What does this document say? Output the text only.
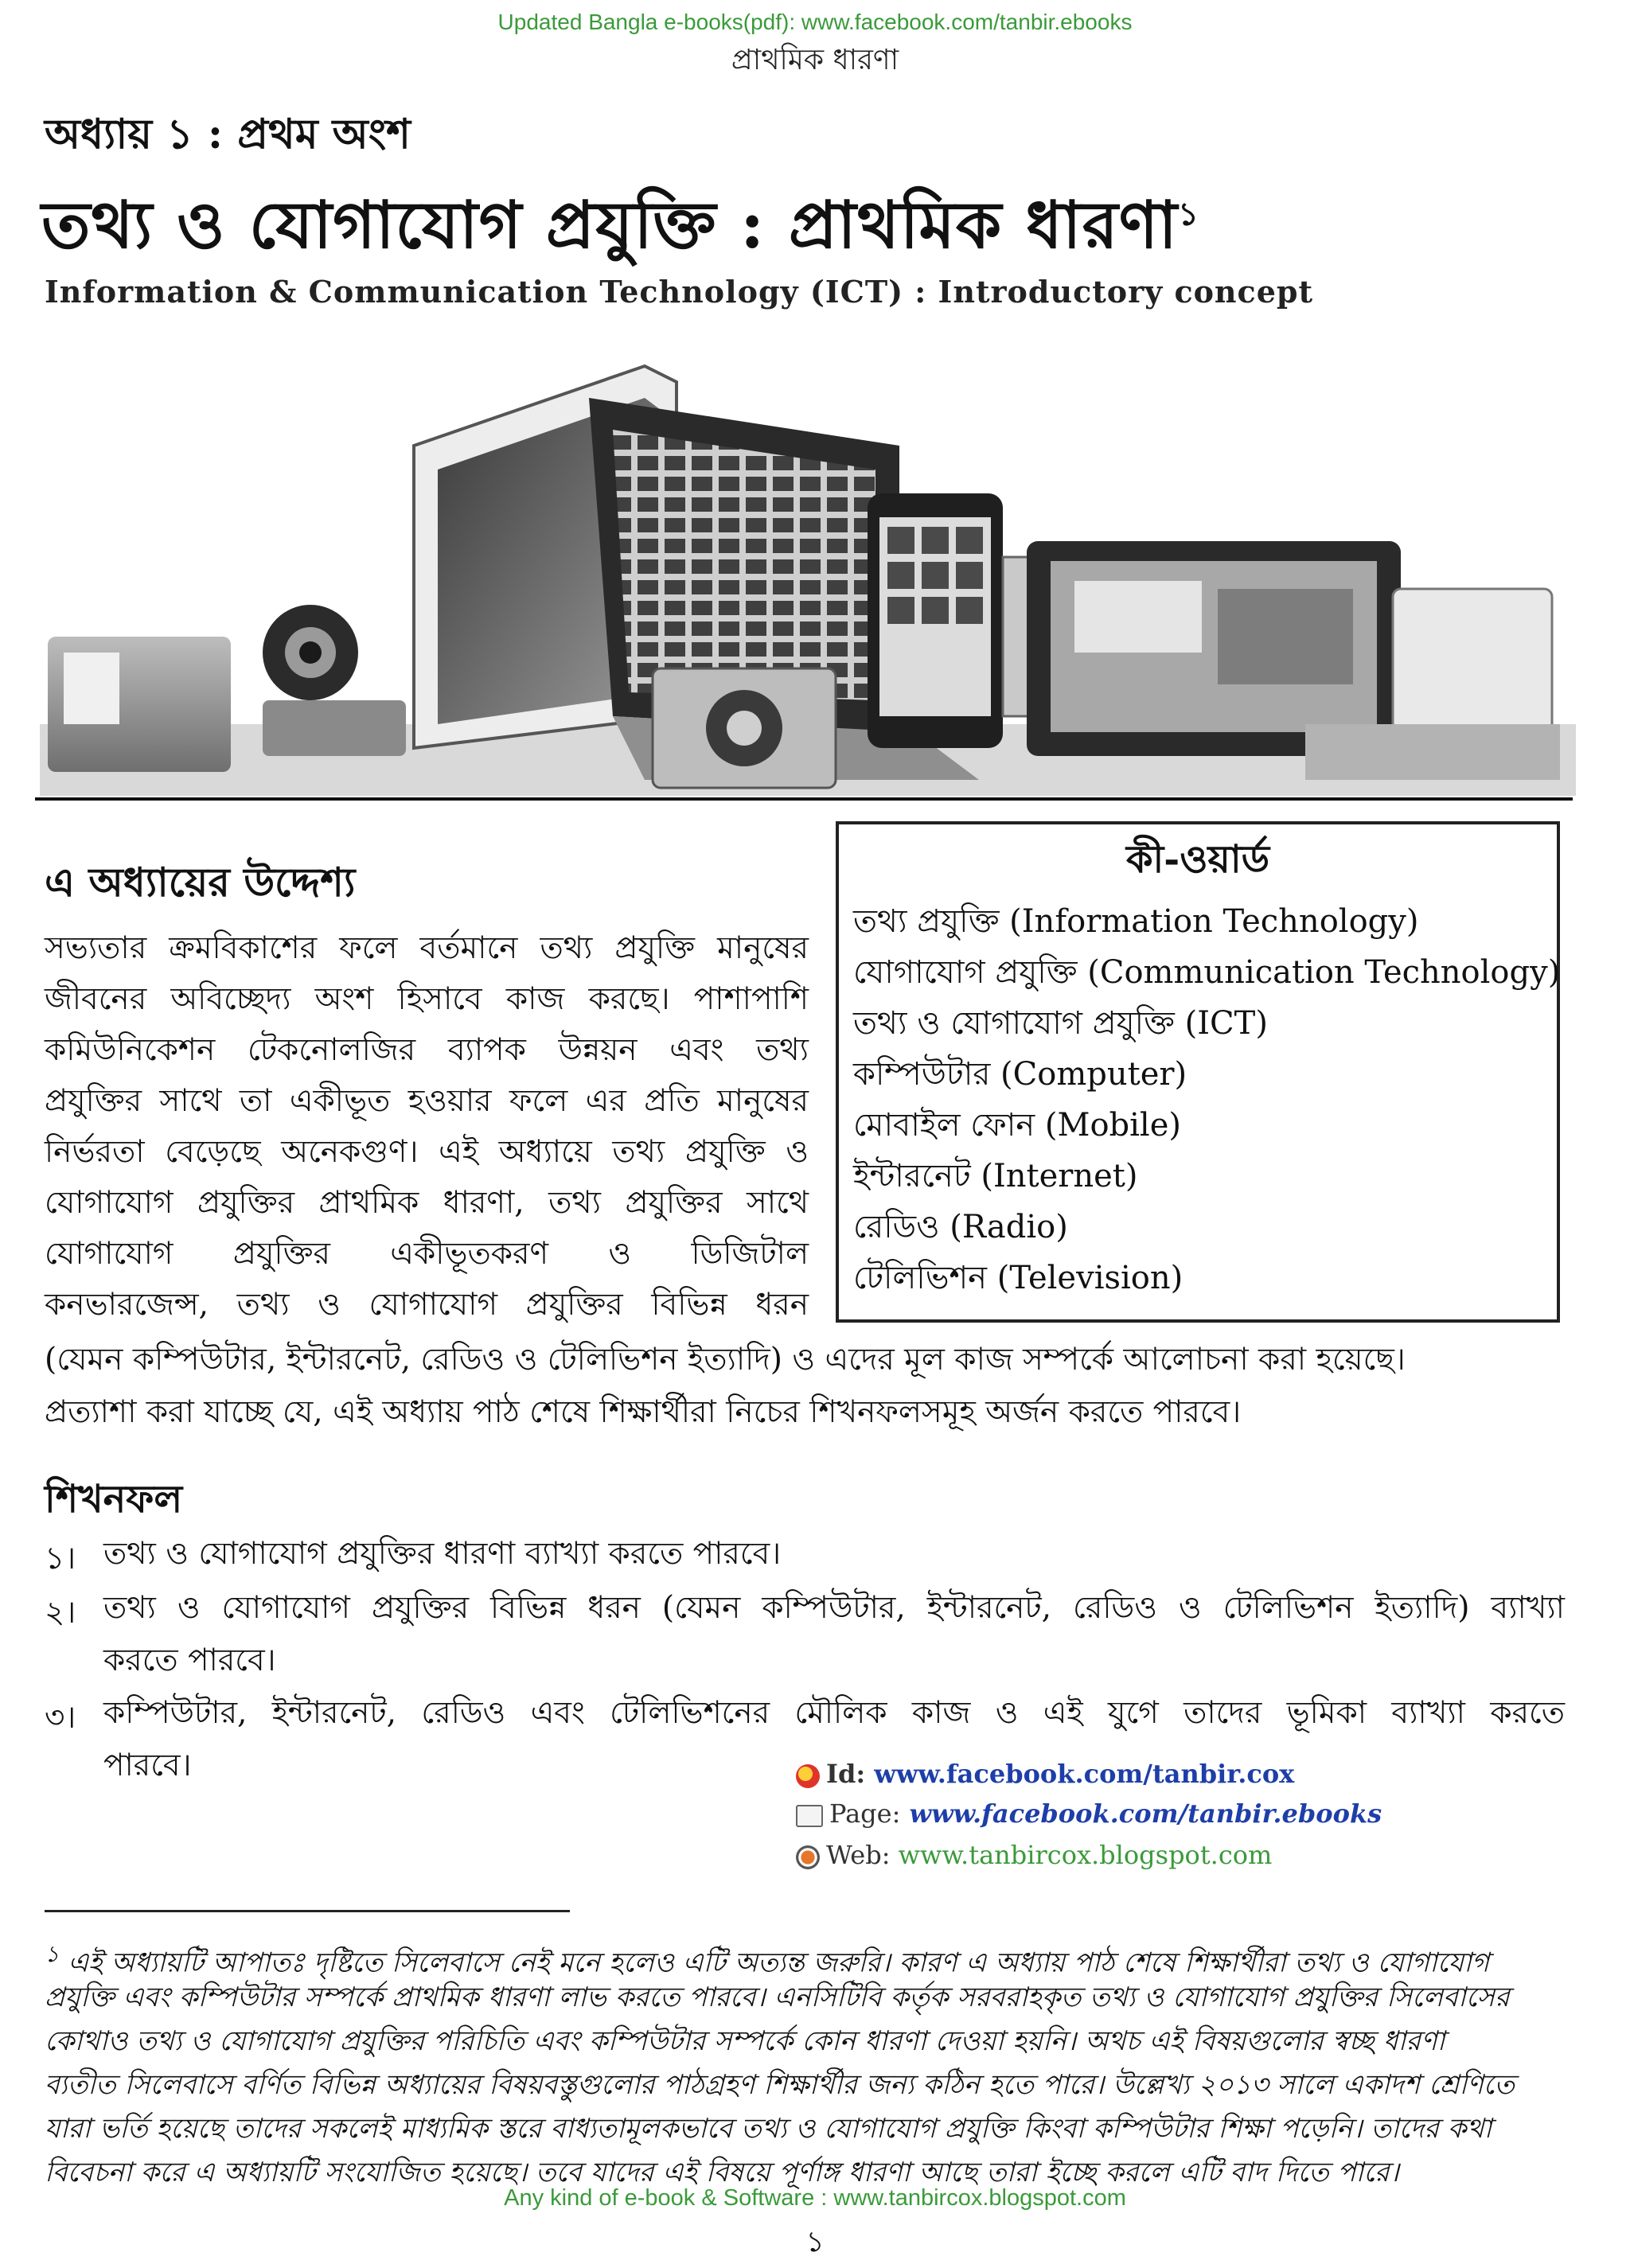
Updated Bangla e-books(pdf): www.facebook.com/tanbir.ebooks
প্রাথমিক ধারণা
অধ্যায় ১ : প্রথম অংশ
তথ্য ও যোগাযোগ প্রযুক্তি : প্রাথমিক ধারণা$^১$
Information & Communication Technology (ICT) : Introductory concept
কী-ওয়ার্ড
তথ্য প্রযুক্তি (Information Technology)
যোগাযোগ প্রযুক্তি (Communication Technology)
তথ্য ও যোগাযোগ প্রযুক্তি (ICT)
কম্পিউটার (Computer)
মোবাইল ফোন (Mobile)
ইন্টারনেট (Internet)
রেডিও (Radio)
টেলিভিশন (Television)
এ অধ্যায়ের উদ্দেশ্য
সভ্যতার ক্রমবিকাশের ফলে বর্তমানে তথ্য প্রযুক্তি মানুষের
জীবনের অবিচ্ছেদ্য অংশ হিসাবে কাজ করছে। পাশাপাশি
কমিউনিকেশন টেকনোলজির ব্যাপক উন্নয়ন এবং তথ্য
প্রযুক্তির সাথে তা একীভূত হওয়ার ফলে এর প্রতি মানুষের
নির্ভরতা বেড়েছে অনেকগুণ। এই অধ্যায়ে তথ্য প্রযুক্তি ও
যোগাযোগ প্রযুক্তির প্রাথমিক ধারণা, তথ্য প্রযুক্তির সাথে
যোগাযোগ প্রযুক্তির একীভূতকরণ ও ডিজিটাল
কনভারজেন্স, তথ্য ও যোগাযোগ প্রযুক্তির বিভিন্ন ধরন
(যেমন কম্পিউটার, ইন্টারনেট, রেডিও ও টেলিভিশন ইত্যাদি) ও এদের মূল কাজ সম্পর্কে আলোচনা করা হয়েছে।
প্রত্যাশা করা যাচ্ছে যে, এই অধ্যায় পাঠ শেষে শিক্ষার্থীরা নিচের শিখনফলসমূহ অর্জন করতে পারবে।
শিখনফল
১। তথ্য ও যোগাযোগ প্রযুক্তির ধারণা ব্যাখ্যা করতে পারবে।
২। তথ্য ও যোগাযোগ প্রযুক্তির বিভিন্ন ধরন (যেমন কম্পিউটার, ইন্টারনেট, রেডিও ও টেলিভিশন ইত্যাদি) ব্যাখ্যা
করতে পারবে।
৩। কম্পিউটার, ইন্টারনেট, রেডিও এবং টেলিভিশনের মৌলিক কাজ ও এই যুগে তাদের ভূমিকা ব্যাখ্যা করতে
পারবে।	Id: www.facebook.com/tanbir.cox
Page: www.facebook.com/tanbir.ebooks
Web: www.tanbircox.blogspot.com
$^১$ এই অধ্যায়টি আপাতঃ দৃষ্টিতে সিলেবাসে নেই মনে হলেও এটি অত্যন্ত জরুরি। কারণ এ অধ্যায় পাঠ শেষে শিক্ষার্থীরা তথ্য ও যোগাযোগ
প্রযুক্তি এবং কম্পিউটার সম্পর্কে প্রাথমিক ধারণা লাভ করতে পারবে। এনসিটিবি কর্তৃক সরবরাহকৃত তথ্য ও যোগাযোগ প্রযুক্তির সিলেবাসের
কোথাও তথ্য ও যোগাযোগ প্রযুক্তির পরিচিতি এবং কম্পিউটার সম্পর্কে কোন ধারণা দেওয়া হয়নি। অথচ এই বিষয়গুলোর স্বচ্ছ ধারণা
ব্যতীত সিলেবাসে বর্ণিত বিভিন্ন অধ্যায়ের বিষয়বস্তুগুলোর পাঠগ্রহণ শিক্ষার্থীর জন্য কঠিন হতে পারে। উল্লেখ্য ২০১৩ সালে একাদশ শ্রেণিতে
যারা ভর্তি হয়েছে তাদের সকলেই মাধ্যমিক স্তরে বাধ্যতামূলকভাবে তথ্য ও যোগাযোগ প্রযুক্তি কিংবা কম্পিউটার শিক্ষা পড়েনি। তাদের কথা
বিবেচনা করে এ অধ্যায়টি সংযোজিত হয়েছে। তবে যাদের এই বিষয়ে পূর্ণাঙ্গ ধারণা আছে তারা ইচ্ছে করলে এটি বাদ দিতে পারে।
Any kind of e-book & Software : www.tanbircox.blogspot.com
১
